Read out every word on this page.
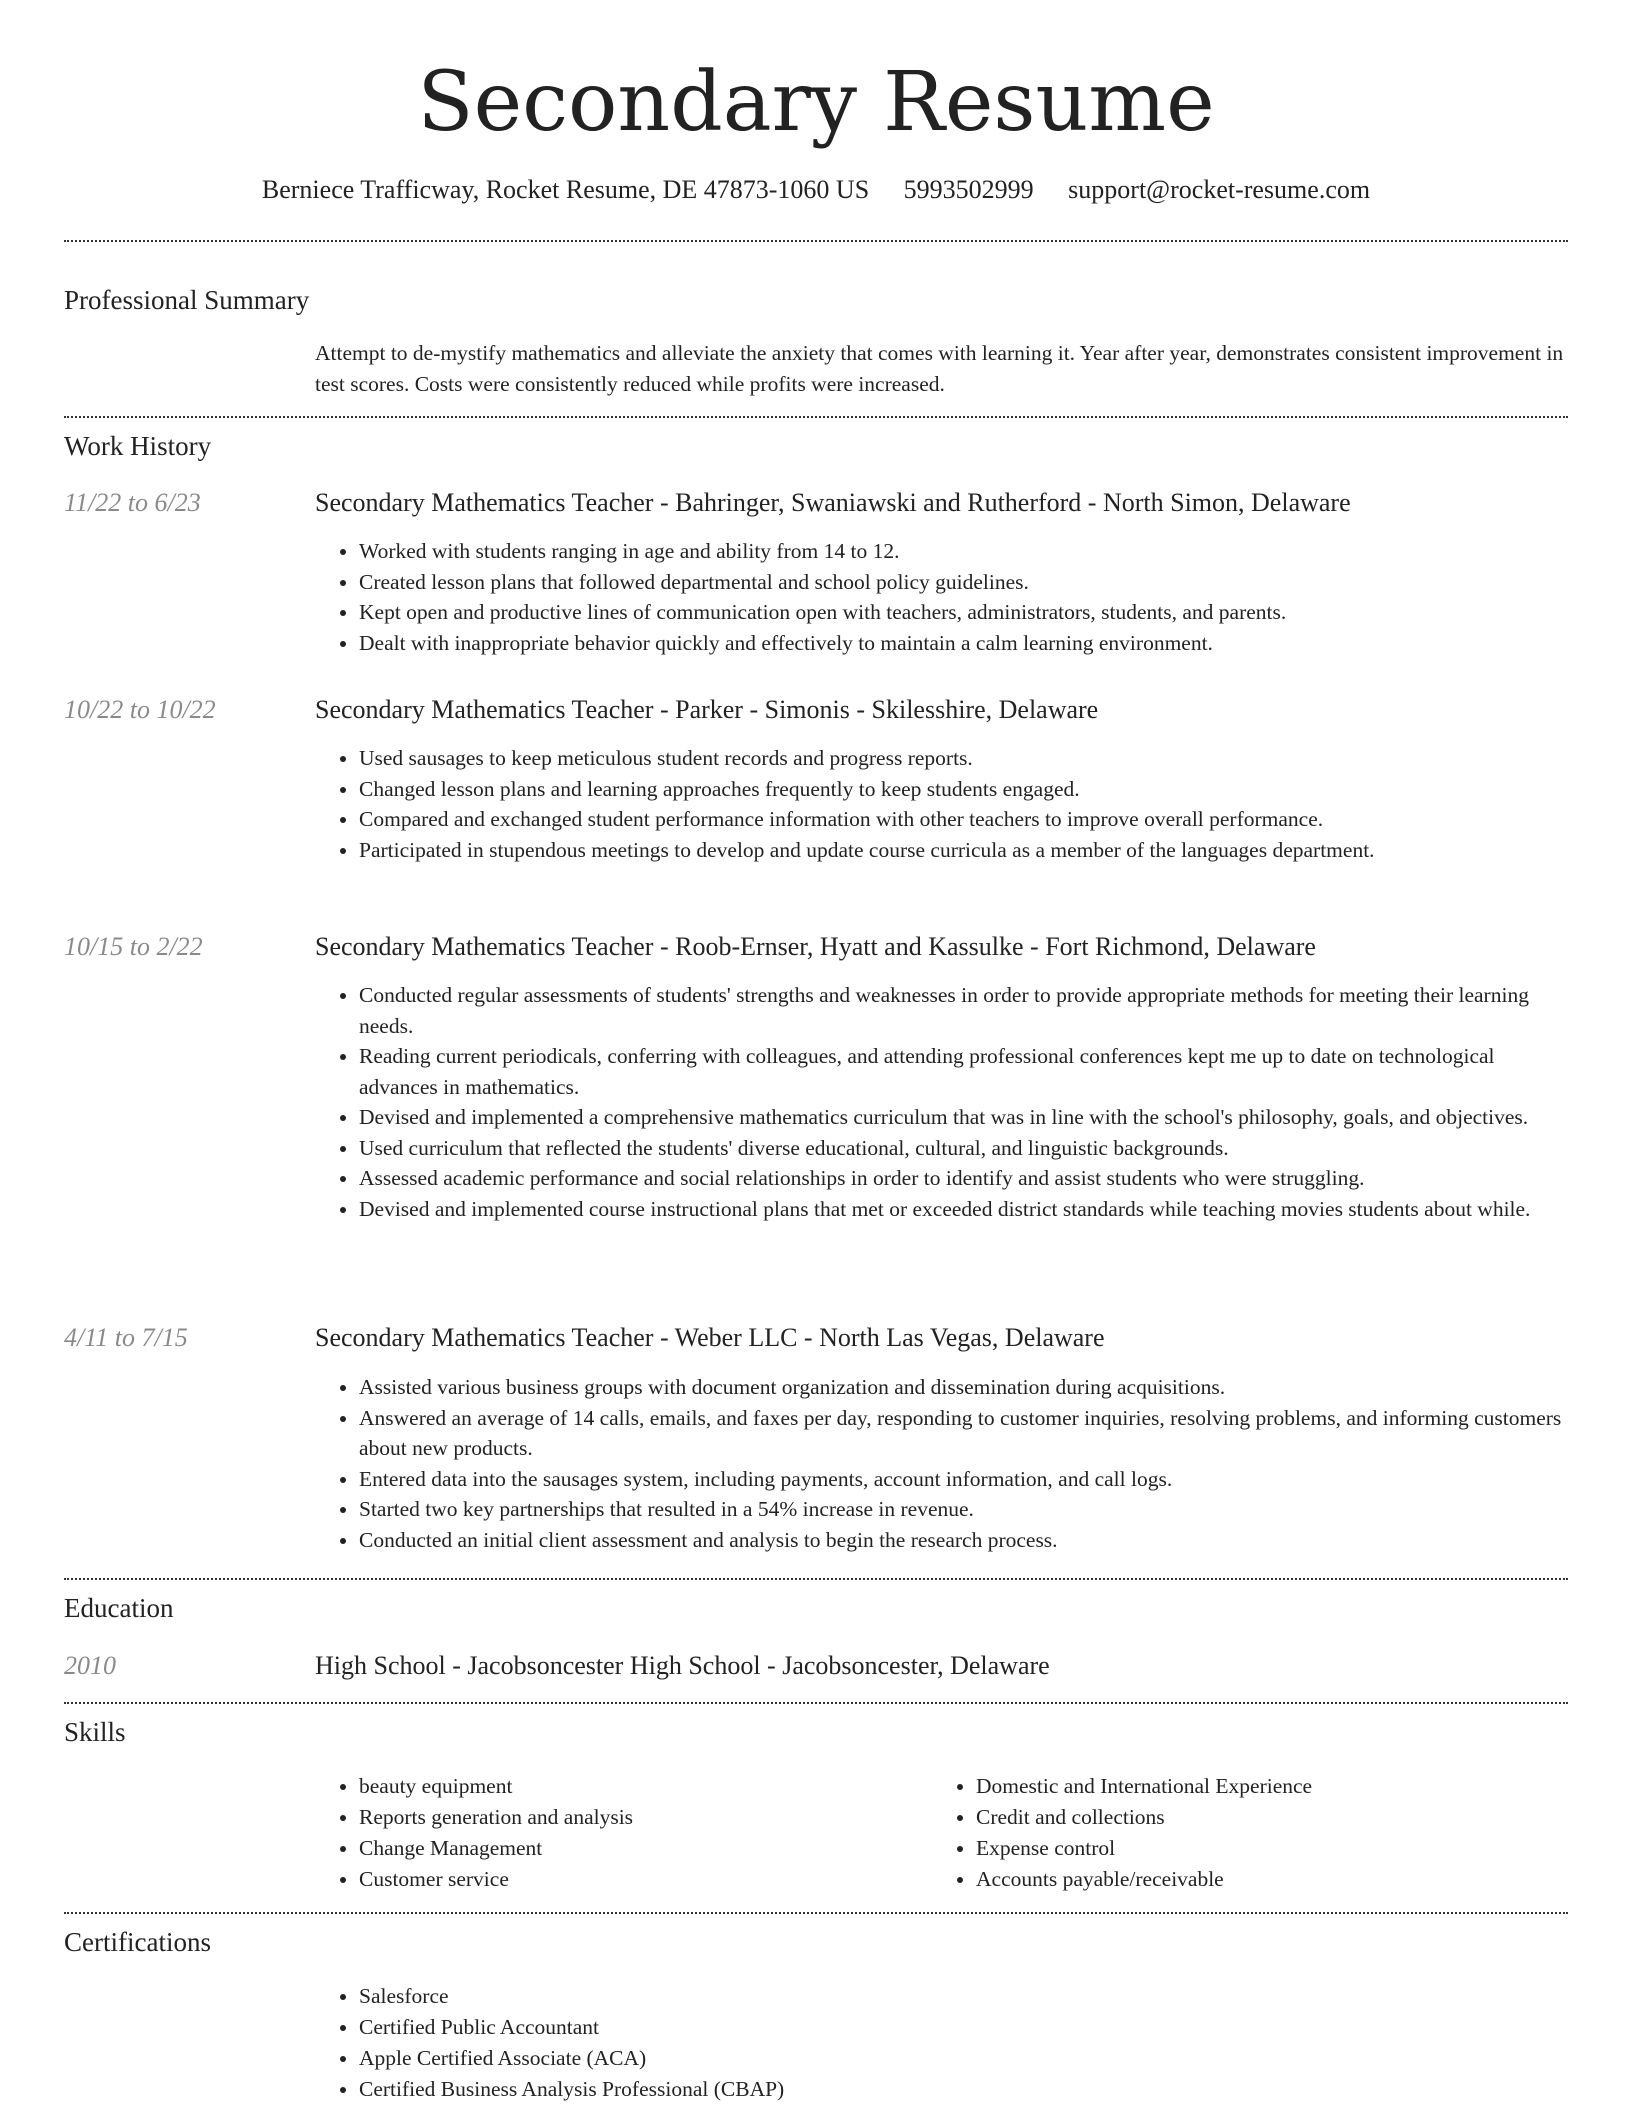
Secondary Resume
Berniece Trafficway, Rocket Resume, DE 47873-1060 US 5993502999 support@rocket-resume.com
Professional Summary
Attempt to de-mystify mathematics and alleviate the anxiety that comes with learning it. Year after year, demonstrates consistent improvement in test scores. Costs were consistently reduced while profits were increased.
Work History
11/22 to 6/23	Secondary Mathematics Teacher - Bahringer, Swaniawski and Rutherford - North Simon, Delaware
• Worked with students ranging in age and ability from 14 to 12.
• Created lesson plans that followed departmental and school policy guidelines.
• Kept open and productive lines of communication open with teachers, administrators, students, and parents.
• Dealt with inappropriate behavior quickly and effectively to maintain a calm learning environment.
10/22 to 10/22	Secondary Mathematics Teacher - Parker - Simonis - Skilesshire, Delaware
• Used sausages to keep meticulous student records and progress reports.
• Changed lesson plans and learning approaches frequently to keep students engaged.
• Compared and exchanged student performance information with other teachers to improve overall performance.
• Participated in stupendous meetings to develop and update course curricula as a member of the languages department.
10/15 to 2/22	Secondary Mathematics Teacher - Roob-Ernser, Hyatt and Kassulke - Fort Richmond, Delaware
• Conducted regular assessments of students' strengths and weaknesses in order to provide appropriate methods for meeting their learning needs.
• Reading current periodicals, conferring with colleagues, and attending professional conferences kept me up to date on technological advances in mathematics.
• Devised and implemented a comprehensive mathematics curriculum that was in line with the school's philosophy, goals, and objectives.
• Used curriculum that reflected the students' diverse educational, cultural, and linguistic backgrounds.
• Assessed academic performance and social relationships in order to identify and assist students who were struggling.
• Devised and implemented course instructional plans that met or exceeded district standards while teaching movies students about while.
4/11 to 7/15	Secondary Mathematics Teacher - Weber LLC - North Las Vegas, Delaware
• Assisted various business groups with document organization and dissemination during acquisitions.
• Answered an average of 14 calls, emails, and faxes per day, responding to customer inquiries, resolving problems, and informing customers about new products.
• Entered data into the sausages system, including payments, account information, and call logs.
• Started two key partnerships that resulted in a 54% increase in revenue.
• Conducted an initial client assessment and analysis to begin the research process.
Education
2010	High School - Jacobsoncester High School - Jacobsoncester, Delaware
Skills
• beauty equipment
• Reports generation and analysis
• Change Management
• Customer service
• Domestic and International Experience
• Credit and collections
• Expense control
• Accounts payable/receivable
Certifications
• Salesforce
• Certified Public Accountant
• Apple Certified Associate (ACA)
• Certified Business Analysis Professional (CBAP)
